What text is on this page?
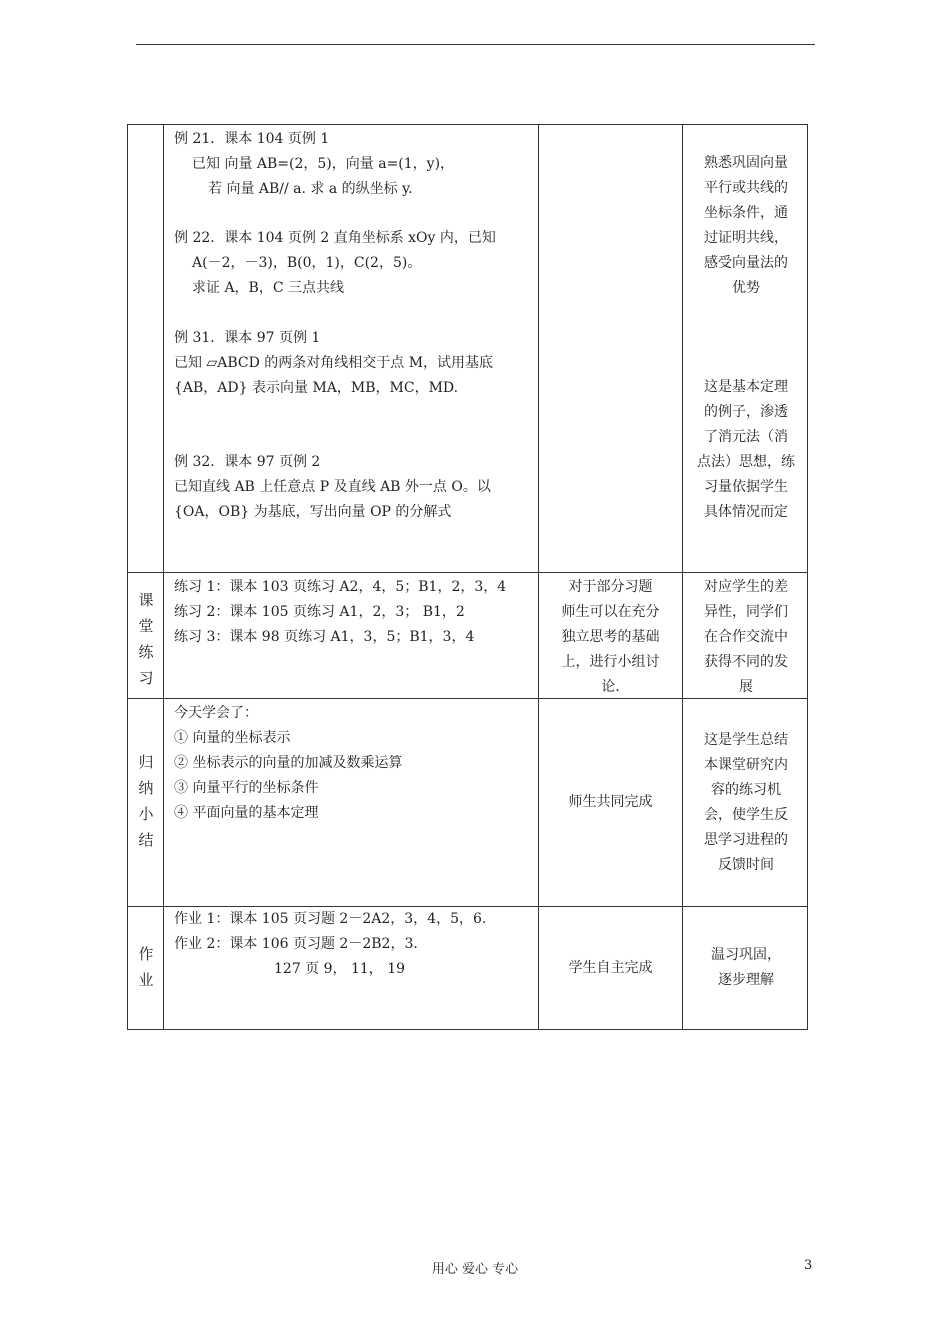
例 21．课本 104 页例 1
已知 向量 AB=(2，5)，向量 a=(1，y)，
若 向量 AB// a. 求 a 的纵坐标 y.
例 22．课本 104 页例 2 直角坐标系 xOy 内，已知
A(－2，－3)，B(0，1)，C(2，5)。
求证 A，B，C 三点共线
例 31．课本 97 页例 1
已知 ▱ABCD 的两条对角线相交于点 M，试用基底
{AB，AD} 表示向量 MA，MB，MC，MD.
例 32．课本 97 页例 2
已知直线 AB 上任意点 P 及直线 AB 外一点 O。以
{OA，OB} 为基底，写出向量 OP 的分解式
熟悉巩固向量
平行或共线的
坐标条件，通
过证明共线，
感受向量法的
优势
这是基本定理
的例子，渗透
了消元法（消
点法）思想，练
习量依据学生
具体情况而定
课
堂
练
习
练习 1：课本 103 页练习 A2，4，5；B1，2，3，4
练习 2：课本 105 页练习 A1，2，3； B1，2
练习 3：课本 98 页练习 A1，3，5；B1，3，4
对于部分习题
师生可以在充分
独立思考的基础
上，进行小组讨
论.
对应学生的差
异性，同学们
在合作交流中
获得不同的发
展
归
纳
小
结
今天学会了：
① 向量的坐标表示
② 坐标表示的向量的加减及数乘运算
③ 向量平行的坐标条件
④ 平面向量的基本定理
师生共同完成
这是学生总结
本课堂研究内
容的练习机
会，使学生反
思学习进程的
反馈时间
作
业
作业 1：课本 105 页习题 2－2A2，3，4，5，6.
作业 2：课本 106 页习题 2－2B2，3.
127 页 9， 11， 19	学生自主完成
温习巩固，
逐步理解
用心 爱心 专心	3
